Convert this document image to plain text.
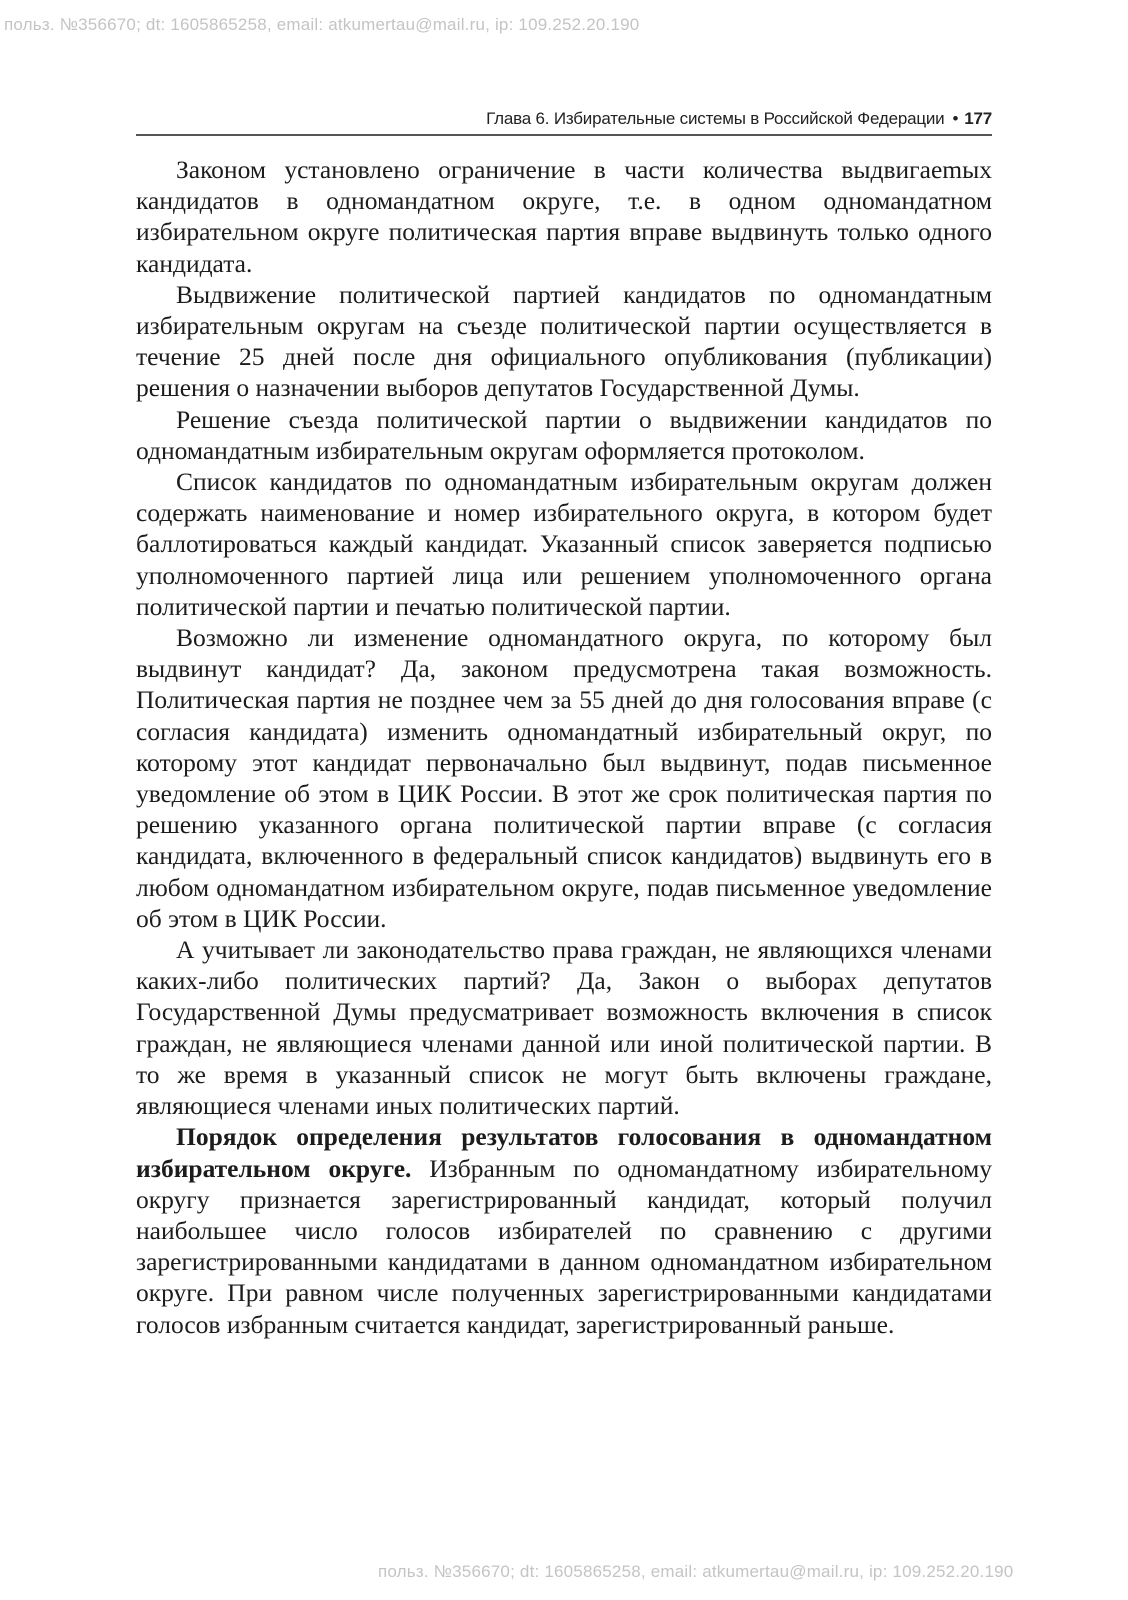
польз. №356670; dt: 1605865258, email: atkumertau@mail.ru, ip: 109.252.20.190
Глава 6. Избирательные системы в Российской Федерации • 177

Законом установлено ограничение в части количества выдвигаеmых кандидатов в одномандатном округе, т.е. в одном одномандатном избирательном округе политическая партия вправе выдвинуть только одного кандидата.

Выдвижение политической партией кандидатов по одномандатным избирательным округам на съезде политической партии осуществляется в течение 25 дней после дня официального опубликования (публикации) решения о назначении выборов депутатов Государственной Думы.

Решение съезда политической партии о выдвижении кандидатов по одномандатным избирательным округам оформляется протоколом.

Список кандидатов по одномандатным избирательным округам должен содержать наименование и номер избирательного округа, в котором будет баллотироваться каждый кандидат. Указанный список заверяется подписью уполномоченного партией лица или решением уполномоченного органа политической партии и печатью политической партии.

Возможно ли изменение одномандатного округа, по которому был выдвинут кандидат? Да, законом предусмотрена такая возможность. Политическая партия не позднее чем за 55 дней до дня голосования вправе (с согласия кандидата) изменить одномандатный избирательный округ, по которому этот кандидат первоначально был выдвинут, подав письменное уведомление об этом в ЦИК России. В этот же срок политическая партия по решению указанного органа политической партии вправе (с согласия кандидата, включенного в федеральный список кандидатов) выдвинуть его в любом одномандатном избирательном округе, подав письменное уведомление об этом в ЦИК России.

А учитывает ли законодательство права граждан, не являющихся членами каких-либо политических партий? Да, Закон о выборах депутатов Государственной Думы предусматривает возможность включения в список граждан, не являющиеся членами данной или иной политической партии. В то же время в указанный список не могут быть включены граждане, являющиеся членами иных политических партий.

Порядок определения результатов голосования в одномандатном избирательном округе. Избранным по одномандатному избирательному округу признается зарегистрированный кандидат, который получил наибольшее число голосов избирателей по сравнению с другими зарегистрированными кандидатами в данном одномандатном избирательном округе. При равном числе полученных зарегистрированными кандидатами голосов избранным считается кандидат, зарегистрированный раньше.

польз. №356670; dt: 1605865258, email: atkumertau@mail.ru, ip: 109.252.20.190
